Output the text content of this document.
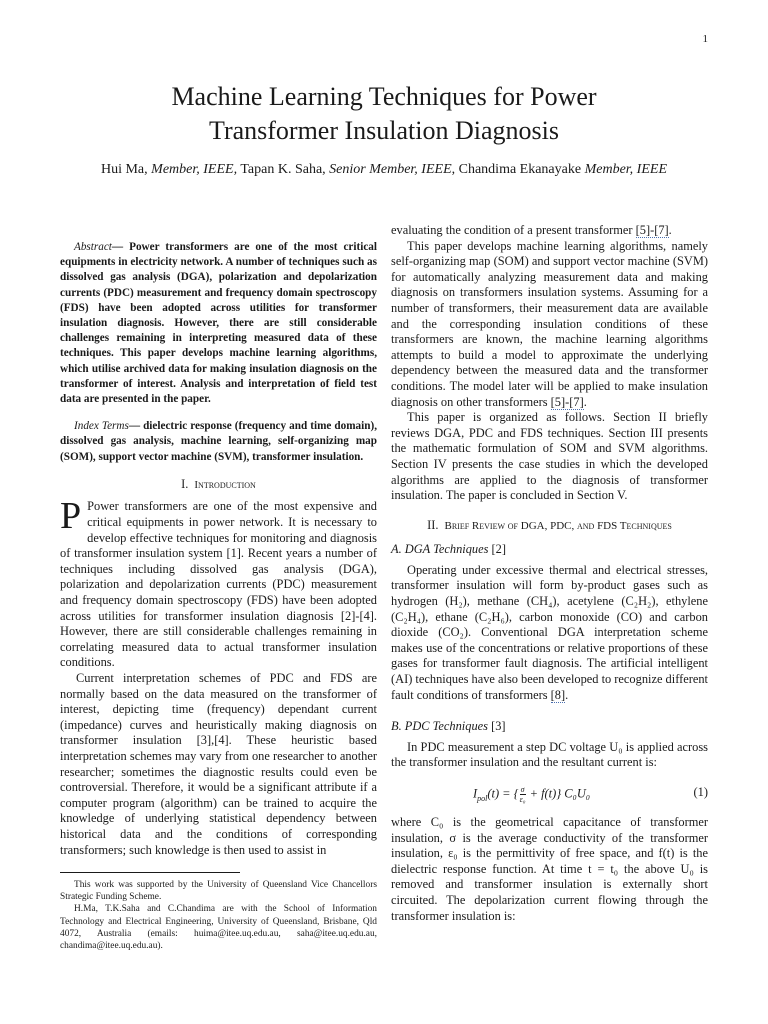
1
Machine Learning Techniques for Power
Transformer Insulation Diagnosis
Hui Ma, Member, IEEE, Tapan K. Saha, Senior Member, IEEE, Chandima Ekanayake Member, IEEE

Abstract— Power transformers are one of the most critical equipments in electricity network. A number of techniques such as dissolved gas analysis (DGA), polarization and depolarization currents (PDC) measurement and frequency domain spectroscopy (FDS) have been adopted across utilities for transformer insulation diagnosis. However, there are still considerable challenges remaining in interpreting measured data of these techniques. This paper develops machine learning algorithms, which utilise archived data for making insulation diagnosis on the transformer of interest. Analysis and interpretation of field test data are presented in the paper.

Index Terms— dielectric response (frequency and time domain), dissolved gas analysis, machine learning, self-organizing map (SOM), support vector machine (SVM), transformer insulation.

I. Introduction

P Power transformers are one of the most expensive and critical equipments in power network. It is necessary to develop effective techniques for monitoring and diagnosis of transformer insulation system [1]. Recent years a number of techniques including dissolved gas analysis (DGA), polarization and depolarization currents (PDC) measurement and frequency domain spectroscopy (FDS) have been adopted across utilities for transformer insulation diagnosis [2]-[4]. However, there are still considerable challenges remaining in correlating measured data to actual transformer insulation conditions.

Current interpretation schemes of PDC and FDS are normally based on the data measured on the transformer of interest, depicting time (frequency) dependant current (impedance) curves and heuristically making diagnosis on transformer insulation [3],[4]. These heuristic based interpretation schemes may vary from one researcher to another researcher; sometimes the diagnostic results could even be controversial. Therefore, it would be a significant attribute if a computer program (algorithm) can be trained to acquire the knowledge of underlying statistical dependency between historical data and the conditions of corresponding transformers; such knowledge is then used to assist in

This work was supported by the University of Queensland Vice Chancellors Strategic Funding Scheme.

H.Ma, T.K.Saha and C.Chandima are with the School of Information Technology and Electrical Engineering, University of Queensland, Brisbane, Qld 4072, Australia (emails: huima@itee.uq.edu.au, saha@itee.uq.edu.au, chandima@itee.uq.edu.au).

evaluating the condition of a present transformer [5]-[7].

This paper develops machine learning algorithms, namely self-organizing map (SOM) and support vector machine (SVM) for automatically analyzing measurement data and making diagnosis on transformers insulation systems. Assuming for a number of transformers, their measurement data are available and the corresponding insulation conditions of these transformers are known, the machine learning algorithms attempts to build a model to approximate the underlying dependency between the measured data and the transformer conditions. The model later will be applied to make insulation diagnosis on other transformers [5]-[7].

This paper is organized as follows. Section II briefly reviews DGA, PDC and FDS techniques. Section III presents the mathematic formulation of SOM and SVM algorithms. Section IV presents the case studies in which the developed algorithms are applied to the diagnosis of transformer insulation. The paper is concluded in Section V.

II. Brief Review of DGA, PDC, and FDS Techniques
A. DGA Techniques [2]

Operating under excessive thermal and electrical stresses, transformer insulation will form by-product gases such as hydrogen (H₂), methane (CH₄), acetylene (C₂H₂), ethylene (C₂H₄), ethane (C₂H₆), carbon monoxide (CO) and carbon dioxide (CO₂). Conventional DGA interpretation scheme makes use of the concentrations or relative proportions of these gases for transformer fault diagnosis. The artificial intelligent (AI) techniques have also been developed to recognize different fault conditions of transformers [8].

B. PDC Techniques [3]

In PDC measurement a step DC voltage U₀ is applied across the transformer insulation and the resultant current is:

$I_{pol}(t)$ = { $\frac{\sigma}{\text{ε₀}} + f(t)$} C₀U₀	(1)

where C₀ is the geometrical capacitance of transformer insulation, σ is the average conductivity of the transformer insulation, ε₀ is the permittivity of free space, and f(t) is the dielectric response function. At time t = t₀ the above U₀ is removed and transformer insulation is externally short circuited. The depolarization current flowing through the transformer insulation is:
